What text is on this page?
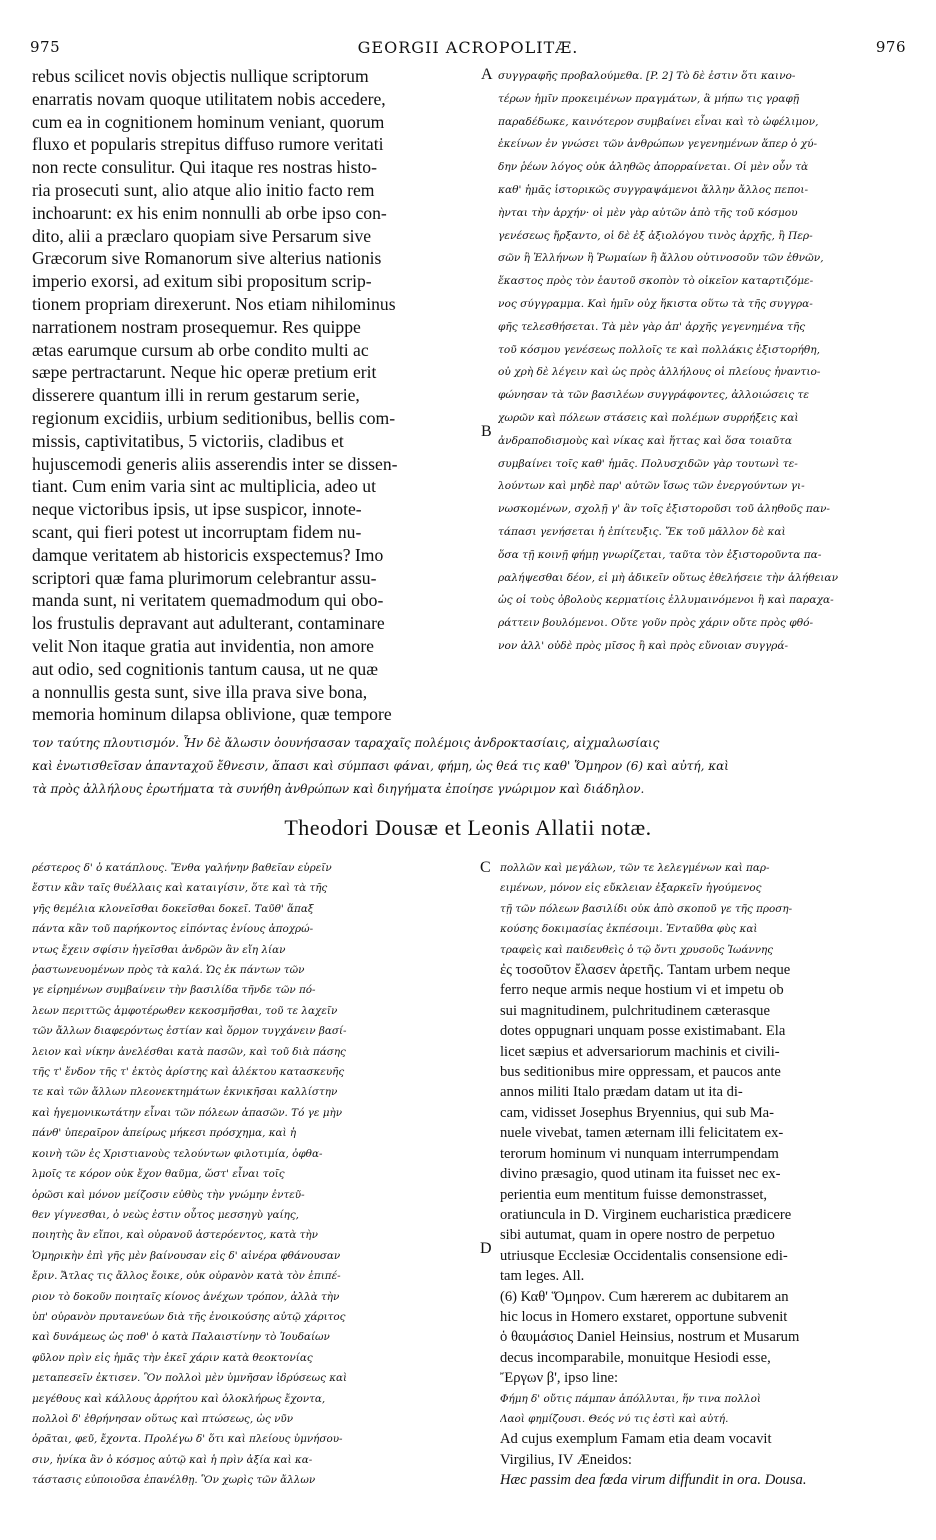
975	GEORGII ACROPOLITÆ.	976
rebus scilicet novis objectis nullique scriptorum
enarratis novam quoque utilitatem nobis accedere,
cum ea in cognitionem hominum veniant, quorum
fluxo et popularis strepitus diffuso rumore veritati
non recte consulitur. Qui itaque res nostras histo-
ria prosecuti sunt, alio atque alio initio facto rem
inchoarunt: ex his enim nonnulli ab orbe ipso con-
dito, alii a præclaro quopiam sive Persarum sive
Græcorum sive Romanorum sive alterius nationis
imperio exorsi, ad exitum sibi propositum scrip-
tionem propriam direxerunt. Nos etiam nihilominus
narrationem nostram prosequemur. Res quippe
ætas earumque cursum ab orbe condito multi ac
sæpe pertractarunt. Neque hic operæ pretium erit
disserere quantum illi in rerum gestarum serie,
regionum excidiis, urbium seditionibus, bellis com-
missis, captivitatibus, 5 victoriis, cladibus et
hujuscemodi generis aliis asserendis inter se dissen-
tiant. Cum enim varia sint ac multiplicia, adeo ut
neque victoribus ipsis, ut ipse suspicor, innote-
scant, qui fieri potest ut incorruptam fidem nu-
damque veritatem ab historicis exspectemus? Imo
scriptori quæ fama plurimorum celebrantur assu-
manda sunt, ni veritatem quemadmodum qui obo-
los frustulis depravant aut adulterant, contaminare
velit Non itaque gratia aut invidentia, non amore
aut odio, sed cognitionis tantum causa, ut ne quæ
a nonnullis gesta sunt, sive illa prava sive bona,
memoria hominum dilapsa oblivione, quæ tempore
συγγραφῆς προβαλούμεθα. [P. 2] Τὸ δὲ ἐστιν ὅτι καινο-
τέρων ἡμῖν προκειμένων πραγμάτων, ἃ μήπω τις γραφῇ
παραδέδωκε, καινότερον συμβαίνει εἶναι καὶ τὸ ὠφέλιμον,
ἐκείνων ἐν γνώσει τῶν ἀνθρώπων γεγενημένων ἅπερ ὁ χύ-
δην ῥέων λόγος οὐκ ἀληθῶς ἀπορραίνεται. Οἱ μὲν οὖν τὰ
καθ' ἡμᾶς ἱστορικῶς συγγραψάμενοι ἄλλην ἄλλος πεποι-
ὴνται τὴν ἀρχήν· οἱ μὲν γὰρ αὐτῶν ἀπὸ τῆς τοῦ κόσμου
γενέσεως ἤρξαντο, οἱ δὲ ἐξ ἀξιολόγου τινὸς ἀρχῆς, ἢ Περ-
σῶν ἢ Ἑλλήνων ἢ Ῥωμαίων ἢ ἄλλου οὑτινοσοῦν τῶν ἐθνῶν,
ἕκαστος πρὸς τὸν ἑαυτοῦ σκοπὸν τὸ οἰκεῖον καταρτιζόμε-
νος σύγγραμμα. Καὶ ἡμῖν οὐχ ἥκιστα οὕτω τὰ τῆς συγγρα-
φῆς τελεσθήσεται. Τὰ μὲν γὰρ ἀπ' ἀρχῆς γεγενημένα τῆς
τοῦ κόσμου γενέσεως πολλοῖς τε καὶ πολλάκις ἐξιστορήθη,
οὐ χρὴ δὲ λέγειν καὶ ὡς πρὸς ἀλλήλους οἱ πλείους ἠναντιο-
φώνησαν τὰ τῶν βασιλέων συγγράφοντες, ἀλλοιώσεις τε
χωρῶν καὶ πόλεων στάσεις καὶ πολέμων συρρήξεις καὶ
ἀνδραποδισμοὺς καὶ νίκας καὶ ἥττας καὶ ὅσα τοιαῦτα
συμβαίνει τοῖς καθ' ἡμᾶς. Πολυσχιδῶν γὰρ τουτωνὶ τε-
λούντων καὶ μηδὲ παρ' αὐτῶν ἴσως τῶν ἐνεργούντων γι-
νωσκομένων, σχολῇ γ' ἂν τοῖς ἐξιστοροῦσι τοῦ ἀληθοῦς παν-
τάπασι γενήσεται ἡ ἐπίτευξις. Ἔκ τοῦ μᾶλλον δὲ καὶ
ὅσα τῇ κοινῇ φήμῃ γνωρίζεται, ταῦτα τὸν ἐξιστοροῦντα πα-
ραλήψεσθαι δέον, εἰ μὴ ἀδικεῖν οὕτως ἐθελήσειε τὴν ἀλήθειαν
ὡς οἱ τοὺς ὀβολοὺς κερματίοις ἐλλυμαινόμενοι ἢ καὶ παραχα-
ράττειν βουλόμενοι. Οὔτε γοῦν πρὸς χάριν οὔτε πρὸς φθό-
νον ἀλλ' οὐδὲ πρὸς μῖσος ἢ καὶ πρὸς εὔνοιαν συγγρά-
A
B
C
D
τον ταύτης πλουτισμόν. Ἦν δὲ ἄλωσιν ὀουνήσασαν ταραχαῖς πολέμοις ἀνδροκτασίαις, αἰχμαλωσίαις
καὶ ἐνωτισθεῖσαν ἁπανταχοῦ ἔθνεσιν, ἅπασι καὶ σύμπασι φάναι, φήμη, ὡς θεά τις καθ' Ὅμηρον (6) καὶ αὐτή, καὶ
τὰ πρὸς ἀλλήλους ἐρωτήματα τὰ συνήθη ἀνθρώπων καὶ διηγήματα ἐποίησε γνώριμον καὶ διάδηλον.
Theodori Dousæ et Leonis Allatii notæ.
ρέστερος δ' ὁ κατάπλους. Ἔνθα γαλήνην βαθεῖαν εὑρεῖν
ἔστιν κἂν ταῖς θυέλλαις καὶ καταιγίσιν, ὅτε καὶ τὰ τῆς
γῆς θεμέλια κλονεῖσθαι δοκεῖσθαι δοκεῖ. Ταῦθ' ἅπαξ
πάντα κἂν τοῦ παρήκοντος εἰπόντας ἐνίους ἀποχρώ-
ντως ἔχειν σφίσιν ἡγεῖσθαι ἀνδρῶν ἂν εἴη λίαν
ῥαστωνευομένων πρὸς τὰ καλά. Ὡς ἐκ πάντων τῶν
γε εἰρημένων συμβαίνειν τὴν βασιλίδα τῆνδε τῶν πό-
λεων περιττῶς ἀμφοτέρωθεν κεκοσμῆσθαι, τοῦ τε λαχεῖν
τῶν ἄλλων διαφερόντως ἐστίαν καὶ ὅρμον τυγχάνειν βασί-
λειον καὶ νίκην ἀνελέσθαι κατὰ πασῶν, καὶ τοῦ διὰ πάσης
τῆς τ' ἔνδον τῆς τ' ἐκτὸς ἀρίστης καὶ ἀλέκτου κατασκευῆς
τε καὶ τῶν ἄλλων πλεονεκτημάτων ἐκνικῆσαι καλλίστην
καὶ ἡγεμονικωτάτην εἶναι τῶν πόλεων ἁπασῶν. Τό γε μὴν
πάνθ' ὑπεραῖρον ἀπείρως μήκεσι πρόσχημα, καὶ ἡ
κοινὴ τῶν ἐς Χριστιανοὺς τελούντων φιλοτιμία, ὀφθα-
λμοῖς τε κόρον οὐκ ἔχον θαῦμα, ὥστ' εἶναι τοῖς
ὁρῶσι καὶ μόνον μείζοσιν εὐθὺς τὴν γνώμην ἐντεῦ-
θεν γίγνεσθαι, ὁ νεὼς ἐστιν οὗτος μεσσηγὺ γαίης,
ποιητὴς ἂν εἴποι, καὶ οὐρανοῦ ἀστερόεντος, κατὰ τὴν
Ὁμηρικὴν ἐπὶ γῆς μὲν βαίνουσαν εἰς δ' αἰνέρα φθάνουσαν
ἔριν. Ἄτλας τις ἄλλος ἔοικε, οὐκ οὐρανὸν κατὰ τὸν ἐπιπέ-
ριον τὸ δοκοῦν ποιηταῖς κίονος ἀνέχων τρόπον, ἀλλὰ τὴν
ὑπ' οὐρανὸν πρυτανεύων διὰ τῆς ἐνοικούσης αὐτῷ χάριτος
καὶ δυνάμεως ὡς ποθ' ὁ κατὰ Παλαιστίνην τὸ Ἰουδαίων
φῦλον πρὶν εἰς ἡμᾶς τὴν ἐκεῖ χάριν κατὰ θεοκτονίας
μεταπεσεῖν ἐκτισεν. Ὃν πολλοὶ μὲν ὑμνῆσαν ἱδρύσεως καὶ
μεγέθους καὶ κάλλους ἀρρήτου καὶ ὁλοκλήρως ἔχοντα,
πολλοὶ δ' ἐθρήνησαν οὕτως καὶ πτώσεως, ὡς νῦν
ὁρᾶται, φεῦ, ἔχοντα. Προλέγω δ' ὅτι καὶ πλείους ὑμνήσου-
σιν, ἡνίκα ἂν ὁ κόσμος αὐτῷ καὶ ἡ πρὶν ἀξία καὶ κα-
τάστασις εὐποιοῦσα ἐπανέλθῃ. Ὃν χωρὶς τῶν ἄλλων
πολλῶν καὶ μεγάλων, τῶν τε λελεγμένων καὶ παρ-
ειμένων, μόνον εἰς εὔκλειαν ἐξαρκεῖν ἡγούμενος
τῇ τῶν πόλεων βασιλίδι οὐκ ἀπὸ σκοποῦ γε τῆς προση-
κούσης δοκιμασίας ἐκπέσοιμι. Ἐνταῦθα φὺς καὶ
τραφεὶς καὶ παιδευθεὶς ὁ τῷ ὄντι χρυσοῦς Ἰωάννης
ἐς τοσοῦτον ἔλασεν ἀρετῆς. Tantam urbem neque
ferro neque armis neque hostium vi et impetu ob
sui magnitudinem, pulchritudinem cæterasque
dotes oppugnari unquam posse existimabant. Ela
licet sæpius et adversariorum machinis et civili-
bus seditionibus mire oppressam, et paucos ante
annos militi Italo prædam datam ut ita di-
cam, vidisset Josephus Bryennius, qui sub Ma-
nuele vivebat, tamen æternam illi felicitatem ex-
terorum hominum vi nunquam interrumpendam
divino præsagio, quod utinam ita fuisset nec ex-
perientia eum mentitum fuisse demonstrasset,
oratiuncula in D. Virginem eucharistica prædicere
sibi autumat, quam in opere nostro de perpetuo
utriusque Ecclesiæ Occidentalis consensione edi-
tam leges. All.
(6) Καθ' Ὅμηρον. Cum hærerem ac dubitarem an
hic locus in Homero exstaret, opportune subvenit
ὁ θαυμάσιος Daniel Heinsius, nostrum et Musarum
decus incomparabile, monuitque Hesiodi esse,
Ἔργων β', ipso line:
Φήμη δ' οὔτις πάμπαν ἀπόλλυται, ἥν τινα πολλοὶ
Λαοὶ φημίζουσι. Θεός νύ τις ἐστὶ καὶ αὐτή.
Ad cujus exemplum Famam etia deam vocavit
Virgilius, IV Æneidos:
Hæc passim dea fœda virum diffundit in ora. Dousa.
